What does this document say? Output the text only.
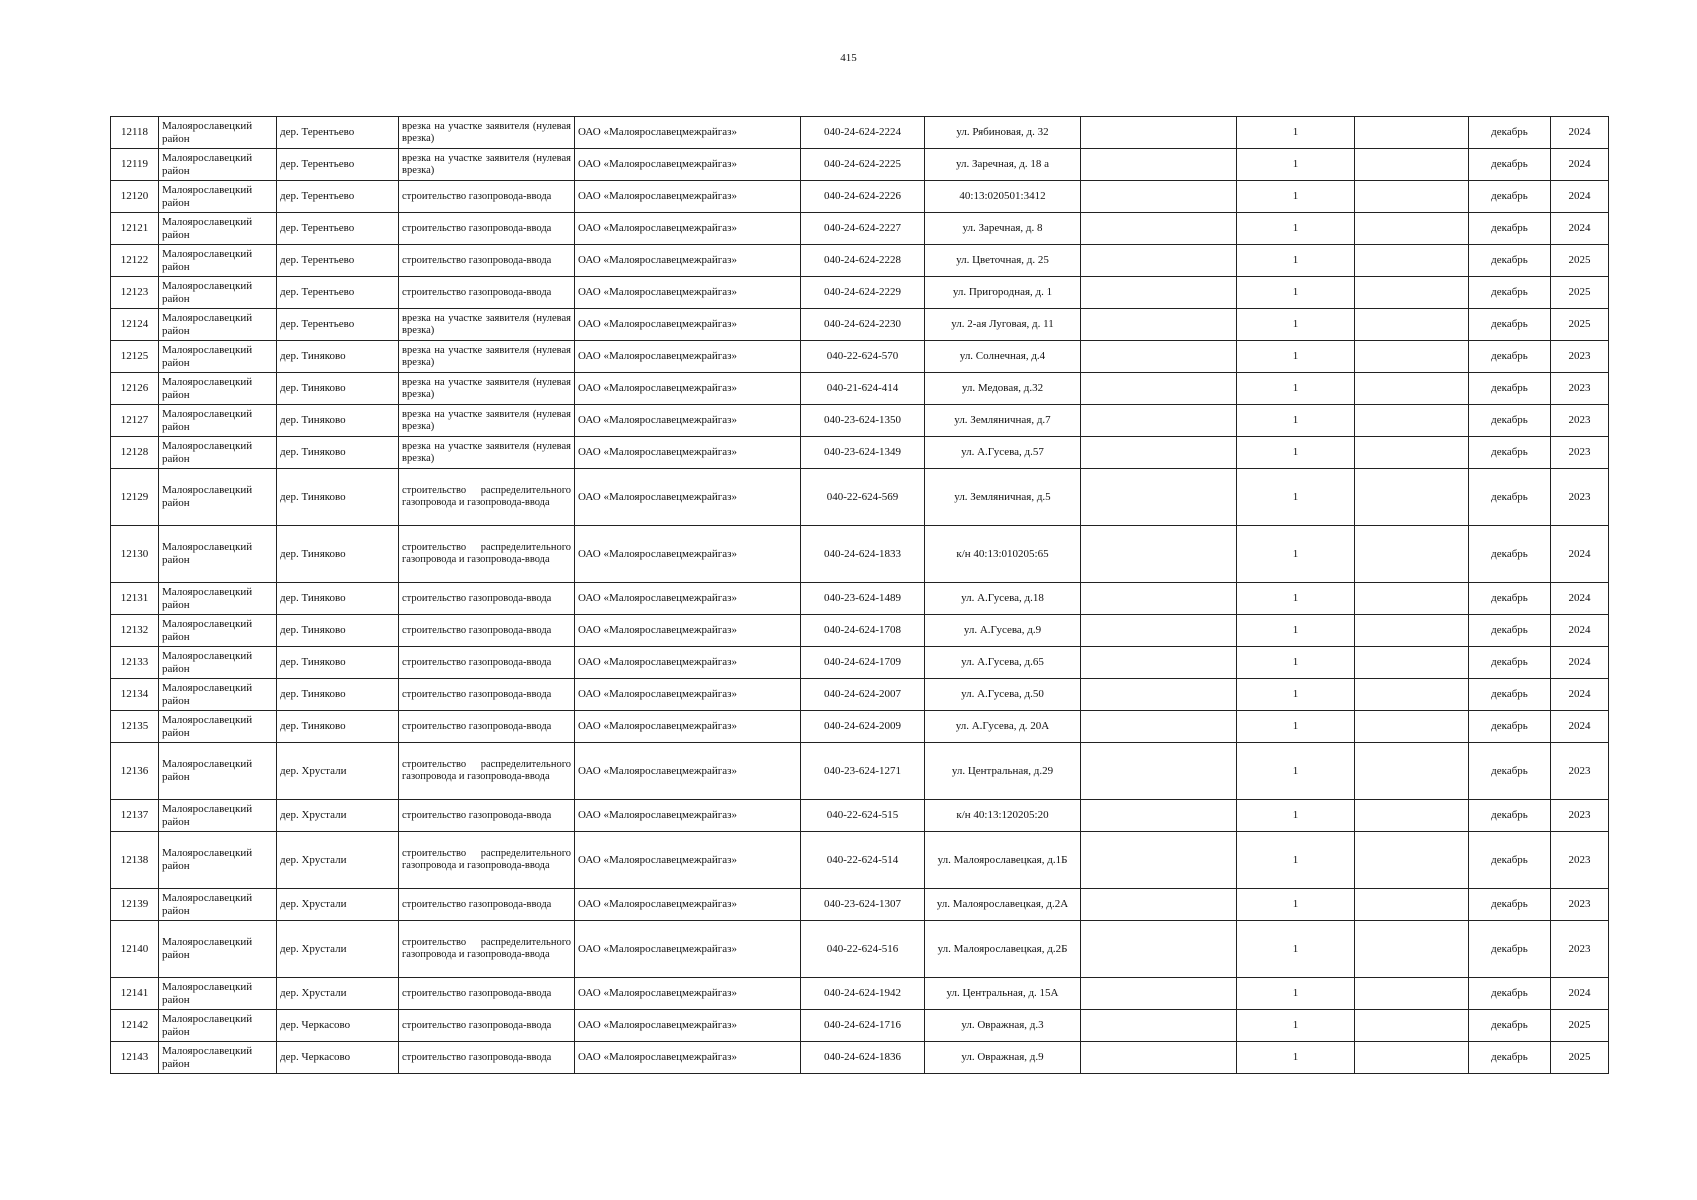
415
12118	Малоярославецкий район	дер. Терентьево	врезка на участке заявителя (нулевая врезка)	ОАО «Малоярославецмежрайгаз»	040-24-624-2224	ул. Рябиновая, д. 32		1		декабрь	2024
12119	Малоярославецкий район	дер. Терентьево	врезка на участке заявителя (нулевая врезка)	ОАО «Малоярославецмежрайгаз»	040-24-624-2225	ул. Заречная, д. 18 а		1		декабрь	2024
12120	Малоярославецкий район	дер. Терентьево	строительство газопровода-ввода	ОАО «Малоярославецмежрайгаз»	040-24-624-2226	40:13:020501:3412		1		декабрь	2024
12121	Малоярославецкий район	дер. Терентьево	строительство газопровода-ввода	ОАО «Малоярославецмежрайгаз»	040-24-624-2227	ул. Заречная, д. 8		1		декабрь	2024
12122	Малоярославецкий район	дер. Терентьево	строительство газопровода-ввода	ОАО «Малоярославецмежрайгаз»	040-24-624-2228	ул. Цветочная, д. 25		1		декабрь	2025
12123	Малоярославецкий район	дер. Терентьево	строительство газопровода-ввода	ОАО «Малоярославецмежрайгаз»	040-24-624-2229	ул. Пригородная, д. 1		1		декабрь	2025
12124	Малоярославецкий район	дер. Терентьево	врезка на участке заявителя (нулевая врезка)	ОАО «Малоярославецмежрайгаз»	040-24-624-2230	ул. 2-ая Луговая, д. 11		1		декабрь	2025
12125	Малоярославецкий район	дер. Тиняково	врезка на участке заявителя (нулевая врезка)	ОАО «Малоярославецмежрайгаз»	040-22-624-570	ул. Солнечная, д.4		1		декабрь	2023
12126	Малоярославецкий район	дер. Тиняково	врезка на участке заявителя (нулевая врезка)	ОАО «Малоярославецмежрайгаз»	040-21-624-414	ул. Медовая, д.32		1		декабрь	2023
12127	Малоярославецкий район	дер. Тиняково	врезка на участке заявителя (нулевая врезка)	ОАО «Малоярославецмежрайгаз»	040-23-624-1350	ул. Земляничная, д.7		1		декабрь	2023
12128	Малоярославецкий район	дер. Тиняково	врезка на участке заявителя (нулевая врезка)	ОАО «Малоярославецмежрайгаз»	040-23-624-1349	ул. А.Гусева, д.57		1		декабрь	2023
12129	Малоярославецкий район	дер. Тиняково	строительство распределительного газопровода и газопровода-ввода	ОАО «Малоярославецмежрайгаз»	040-22-624-569	ул. Земляничная, д.5		1		декабрь	2023
12130	Малоярославецкий район	дер. Тиняково	строительство распределительного газопровода и газопровода-ввода	ОАО «Малоярославецмежрайгаз»	040-24-624-1833	к/н 40:13:010205:65		1		декабрь	2024
12131	Малоярославецкий район	дер. Тиняково	строительство газопровода-ввода	ОАО «Малоярославецмежрайгаз»	040-23-624-1489	ул. А.Гусева, д.18		1		декабрь	2024
12132	Малоярославецкий район	дер. Тиняково	строительство газопровода-ввода	ОАО «Малоярославецмежрайгаз»	040-24-624-1708	ул. А.Гусева, д.9		1		декабрь	2024
12133	Малоярославецкий район	дер. Тиняково	строительство газопровода-ввода	ОАО «Малоярославецмежрайгаз»	040-24-624-1709	ул. А.Гусева, д.65		1		декабрь	2024
12134	Малоярославецкий район	дер. Тиняково	строительство газопровода-ввода	ОАО «Малоярославецмежрайгаз»	040-24-624-2007	ул. А.Гусева, д.50		1		декабрь	2024
12135	Малоярославецкий район	дер. Тиняково	строительство газопровода-ввода	ОАО «Малоярославецмежрайгаз»	040-24-624-2009	ул. А.Гусева, д. 20А		1		декабрь	2024
12136	Малоярославецкий район	дер. Хрустали	строительство распределительного газопровода и газопровода-ввода	ОАО «Малоярославецмежрайгаз»	040-23-624-1271	ул. Центральная, д.29		1		декабрь	2023
12137	Малоярославецкий район	дер. Хрустали	строительство газопровода-ввода	ОАО «Малоярославецмежрайгаз»	040-22-624-515	к/н 40:13:120205:20		1		декабрь	2023
12138	Малоярославецкий район	дер. Хрустали	строительство распределительного газопровода и газопровода-ввода	ОАО «Малоярославецмежрайгаз»	040-22-624-514	ул. Малоярославецкая, д.1Б		1		декабрь	2023
12139	Малоярославецкий район	дер. Хрустали	строительство газопровода-ввода	ОАО «Малоярославецмежрайгаз»	040-23-624-1307	ул. Малоярославецкая, д.2А		1		декабрь	2023
12140	Малоярославецкий район	дер. Хрустали	строительство распределительного газопровода и газопровода-ввода	ОАО «Малоярославецмежрайгаз»	040-22-624-516	ул. Малоярославецкая, д.2Б		1		декабрь	2023
12141	Малоярославецкий район	дер. Хрустали	строительство газопровода-ввода	ОАО «Малоярославецмежрайгаз»	040-24-624-1942	ул. Центральная, д. 15А		1		декабрь	2024
12142	Малоярославецкий район	дер. Черкасово	строительство газопровода-ввода	ОАО «Малоярославецмежрайгаз»	040-24-624-1716	ул. Овражная, д.3		1		декабрь	2025
12143	Малоярославецкий район	дер. Черкасово	строительство газопровода-ввода	ОАО «Малоярославецмежрайгаз»	040-24-624-1836	ул. Овражная, д.9		1		декабрь	2025
